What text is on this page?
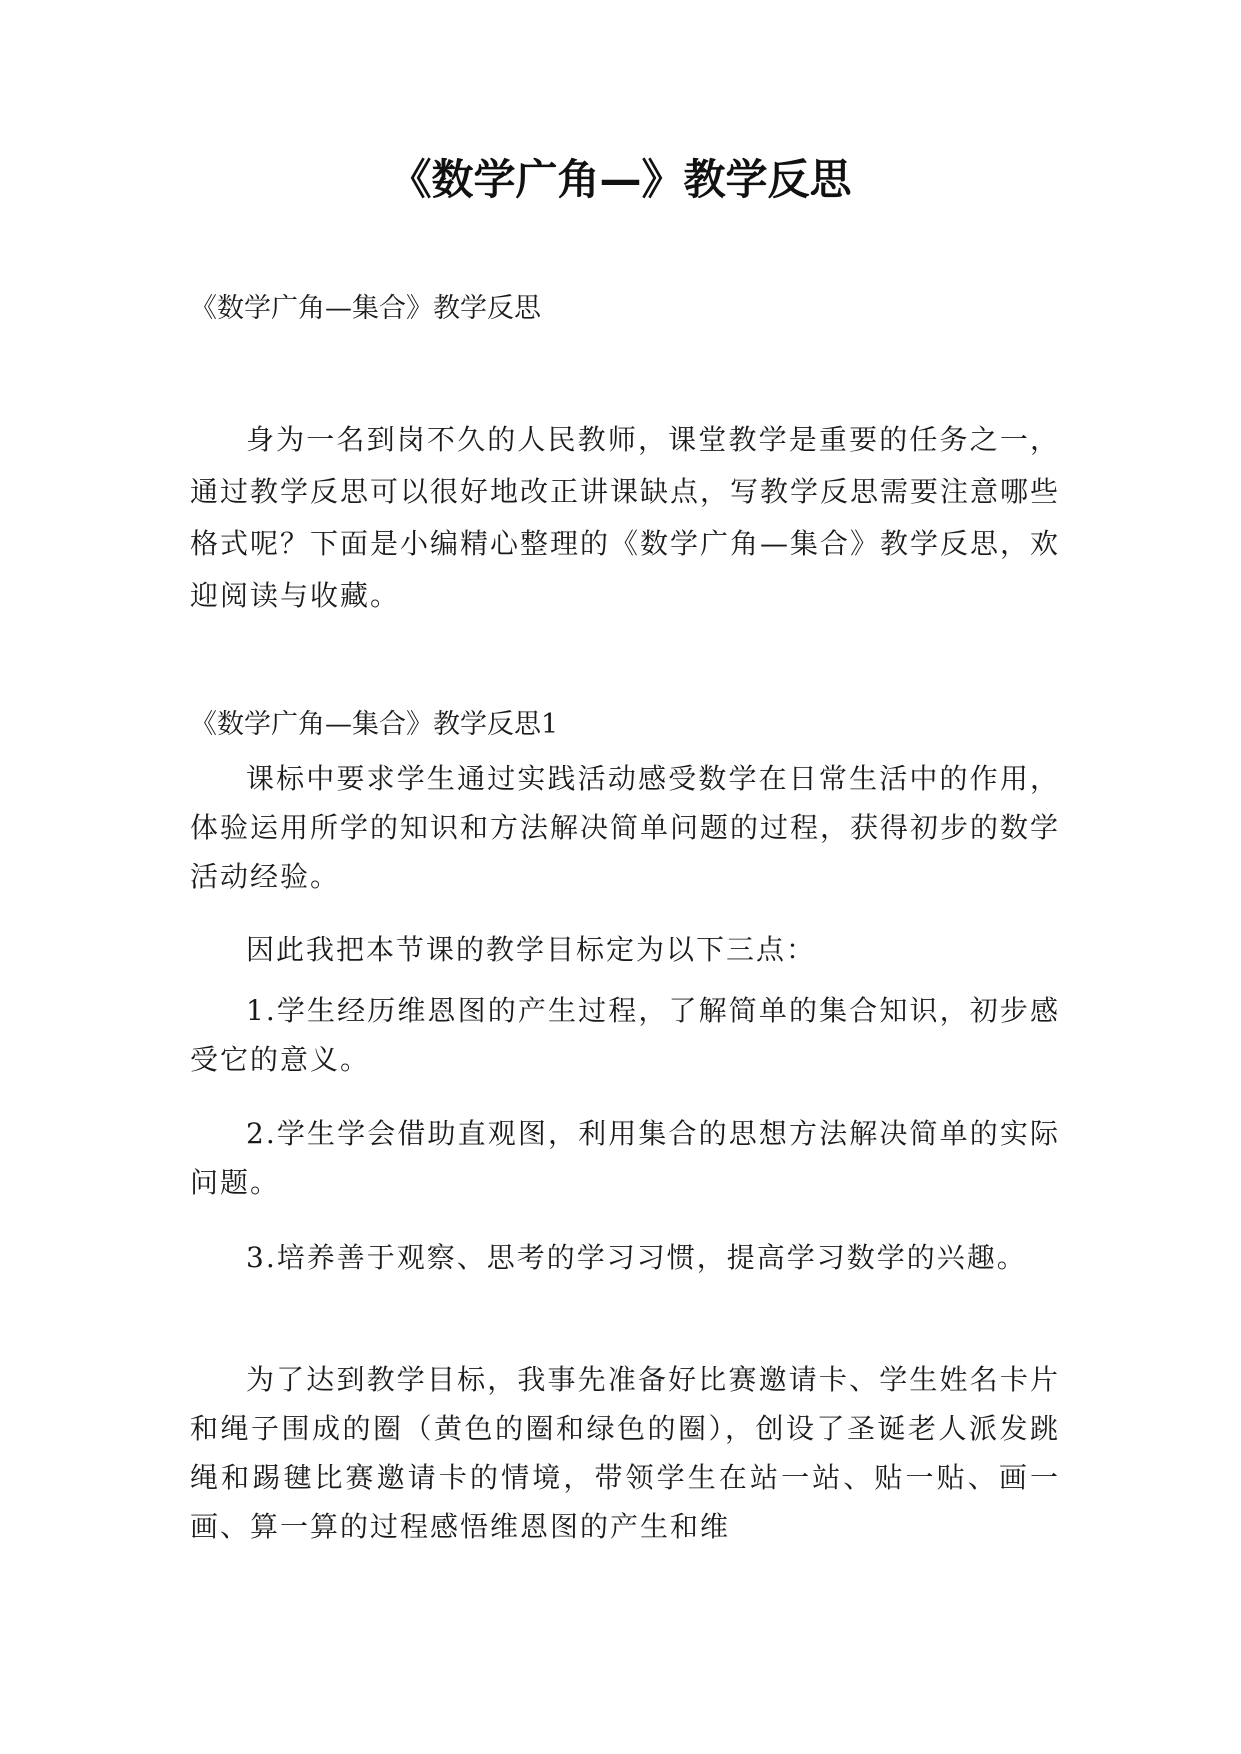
《数学广角—》教学反思

《数学广角—集合》教学反思

身为一名到岗不久的人民教师，课堂教学是重要的任务之一，通过教学反思可以很好地改正讲课缺点，写教学反思需要注意哪些格式呢？下面是小编精心整理的《数学广角—集合》教学反思，欢迎阅读与收藏。

《数学广角—集合》教学反思1

课标中要求学生通过实践活动感受数学在日常生活中的作用，体验运用所学的知识和方法解决简单问题的过程，获得初步的数学活动经验。

因此我把本节课的教学目标定为以下三点：

1.学生经历维恩图的产生过程，了解简单的集合知识，初步感受它的意义。

2.学生学会借助直观图，利用集合的思想方法解决简单的实际问题。

3.培养善于观察、思考的学习习惯，提高学习数学的兴趣。

为了达到教学目标，我事先准备好比赛邀请卡、学生姓名卡片和绳子围成的圈（黄色的圈和绿色的圈），创设了圣诞老人派发跳绳和踢毽比赛邀请卡的情境，带领学生在站一站、贴一贴、画一画、算一算的过程感悟维恩图的产生和维
